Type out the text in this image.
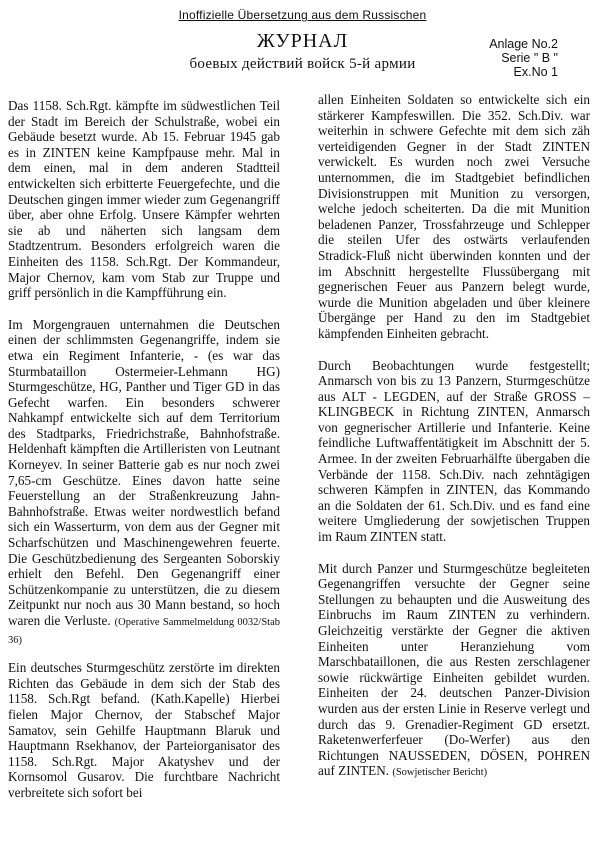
Inoffizielle Übersetzung aus dem Russischen
ЖУРНАЛ
боевых действий войск 5-й армии
Anlage No.2
Serie " B "
Ex.No 1

Das 1158. Sch.Rgt. kämpfte im südwestlichen Teil der Stadt im Bereich der Schulstraße, wobei ein Gebäude besetzt wurde. Ab 15. Februar 1945 gab es in ZINTEN keine Kampfpause mehr. Mal in dem einen, mal in dem anderen Stadtteil entwickelten sich erbitterte Feuergefechte, und die Deutschen gingen immer wieder zum Gegenangriff über, aber ohne Erfolg. Unsere Kämpfer wehrten sie ab und näherten sich langsam dem Stadtzentrum. Besonders erfolgreich waren die Einheiten des 1158. Sch.Rgt. Der Kommandeur, Major Chernov, kam vom Stab zur Truppe und griff persönlich in die Kampfführung ein.

Im Morgengrauen unternahmen die Deutschen einen der schlimmsten Gegenangriffe, indem sie etwa ein Regiment Infanterie, - (es war das Sturmbataillon Ostermeier-Lehmann HG) Sturmgeschütze, HG, Panther und Tiger GD in das Gefecht warfen. Ein besonders schwerer Nahkampf entwickelte sich auf dem Territorium des Stadtparks, Friedrichstraße, Bahnhofstraße. Heldenhaft kämpften die Artilleristen von Leutnant Korneyev. In seiner Batterie gab es nur noch zwei 7,65-cm Geschütze. Eines davon hatte seine Feuerstellung an der Straßenkreuzung Jahn-Bahnhofstraße. Etwas weiter nordwestlich befand sich ein Wasserturm, von dem aus der Gegner mit Scharfschützen und Maschinengewehren feuerte. Die Geschützbedienung des Sergeanten Soborskiy erhielt den Befehl. Den Gegenangriff einer Schützenkompanie zu unterstützen, die zu diesem Zeitpunkt nur noch aus 30 Mann bestand, so hoch waren die Verluste. (Operative Sammelmeldung 0032/Stab 36)

Ein deutsches Sturmgeschütz zerstörte im direkten Richten das Gebäude in dem sich der Stab des 1158. Sch.Rgt befand. (Kath.Kapelle) Hierbei fielen Major Chernov, der Stabschef Major Samatov, sein Gehilfe Hauptmann Blaruk und Hauptmann Rsekhanov, der Parteiorganisator des 1158. Sch.Rgt. Major Akatyshev und der Kornsomol Gusarov. Die furchtbare Nachricht verbreitete sich sofort bei

allen Einheiten Soldaten so entwickelte sich ein stärkerer Kampfeswillen. Die 352. Sch.Div. war weiterhin in schwere Gefechte mit dem sich zäh verteidigenden Gegner in der Stadt ZINTEN verwickelt. Es wurden noch zwei Versuche unternommen, die im Stadtgebiet befindlichen Divisionstruppen mit Munition zu versorgen, welche jedoch scheiterten. Da die mit Munition beladenen Panzer, Trossfahrzeuge und Schlepper die steilen Ufer des ostwärts verlaufenden Stradick-Fluß nicht überwinden konnten und der im Abschnitt hergestellte Flussübergang mit gegnerischen Feuer aus Panzern belegt wurde, wurde die Munition abgeladen und über kleinere Übergänge per Hand zu den im Stadtgebiet kämpfenden Einheiten gebracht.

Durch Beobachtungen wurde festgestellt; Anmarsch von bis zu 13 Panzern, Sturmgeschütze aus ALT - LEGDEN, auf der Straße GROSS – KLINGBECK in Richtung ZINTEN, Anmarsch von gegnerischer Artillerie und Infanterie. Keine feindliche Luftwaffentätigkeit im Abschnitt der 5. Armee. In der zweiten Februarhälfte übergaben die Verbände der 1158. Sch.Div. nach zehntägigen schweren Kämpfen in ZINTEN, das Kommando an die Soldaten der 61. Sch.Div. und es fand eine weitere Umgliederung der sowjetischen Truppen im Raum ZINTEN statt.

Mit durch Panzer und Sturmgeschütze begleiteten Gegenangriffen versuchte der Gegner seine Stellungen zu behaupten und die Ausweitung des Einbruchs im Raum ZINTEN zu verhindern. Gleichzeitig verstärkte der Gegner die aktiven Einheiten unter Heranziehung vom Marschbataillonen, die aus Resten zerschlagener sowie rückwärtige Einheiten gebildet wurden. Einheiten der 24. deutschen Panzer-Division wurden aus der ersten Linie in Reserve verlegt und durch das 9. Grenadier-Regiment GD ersetzt. Raketenwerferfeuer (Do-Werfer) aus den Richtungen NAUSSEDEN, DÖSEN, POHREN auf ZINTEN. (Sowjetischer Bericht)
